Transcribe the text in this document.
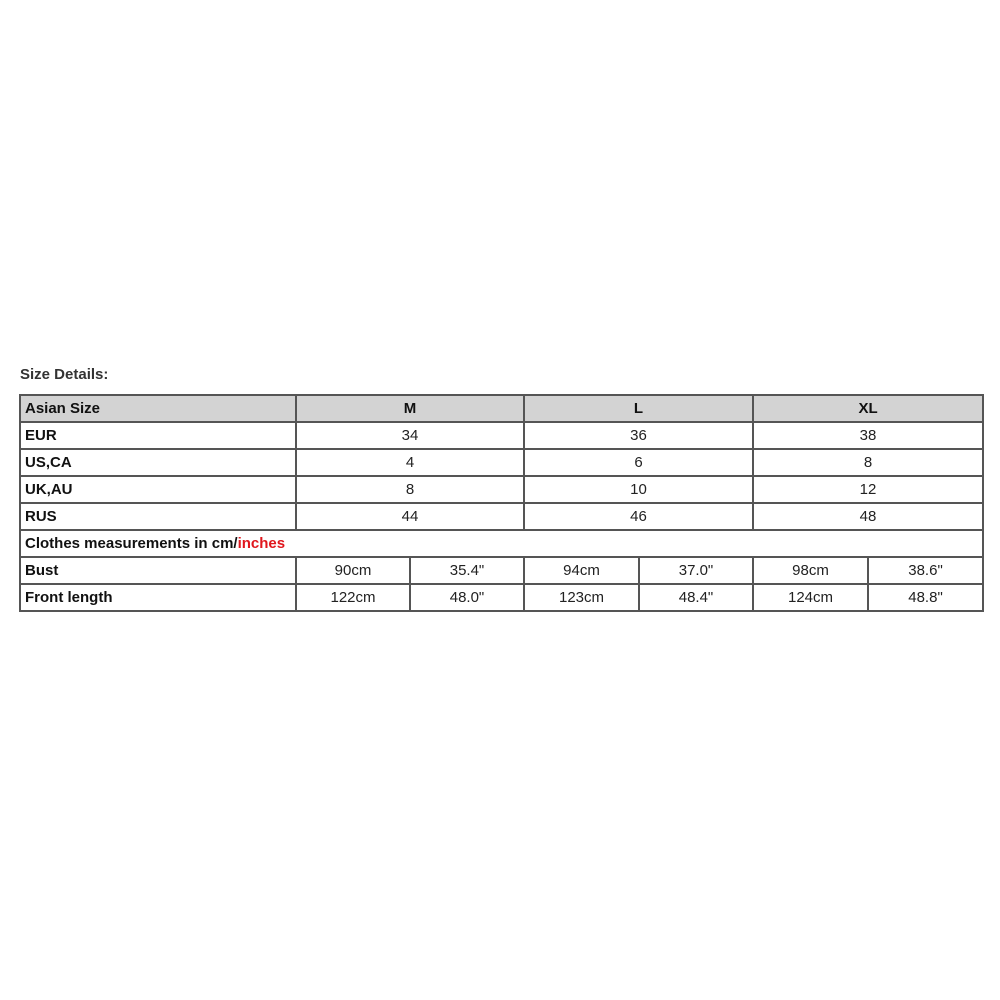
Size Details:
Asian Size	M		L		XL	
EUR	34		36		38	
US,CA	4		6		8	
UK,AU	8		10		12	
RUS	44		46		48	
Clothes measurements in cm/inches						
Bust	90cm	35.4"	94cm	37.0"	98cm	38.6"
Front length	122cm	48.0"	123cm	48.4"	124cm	48.8"
